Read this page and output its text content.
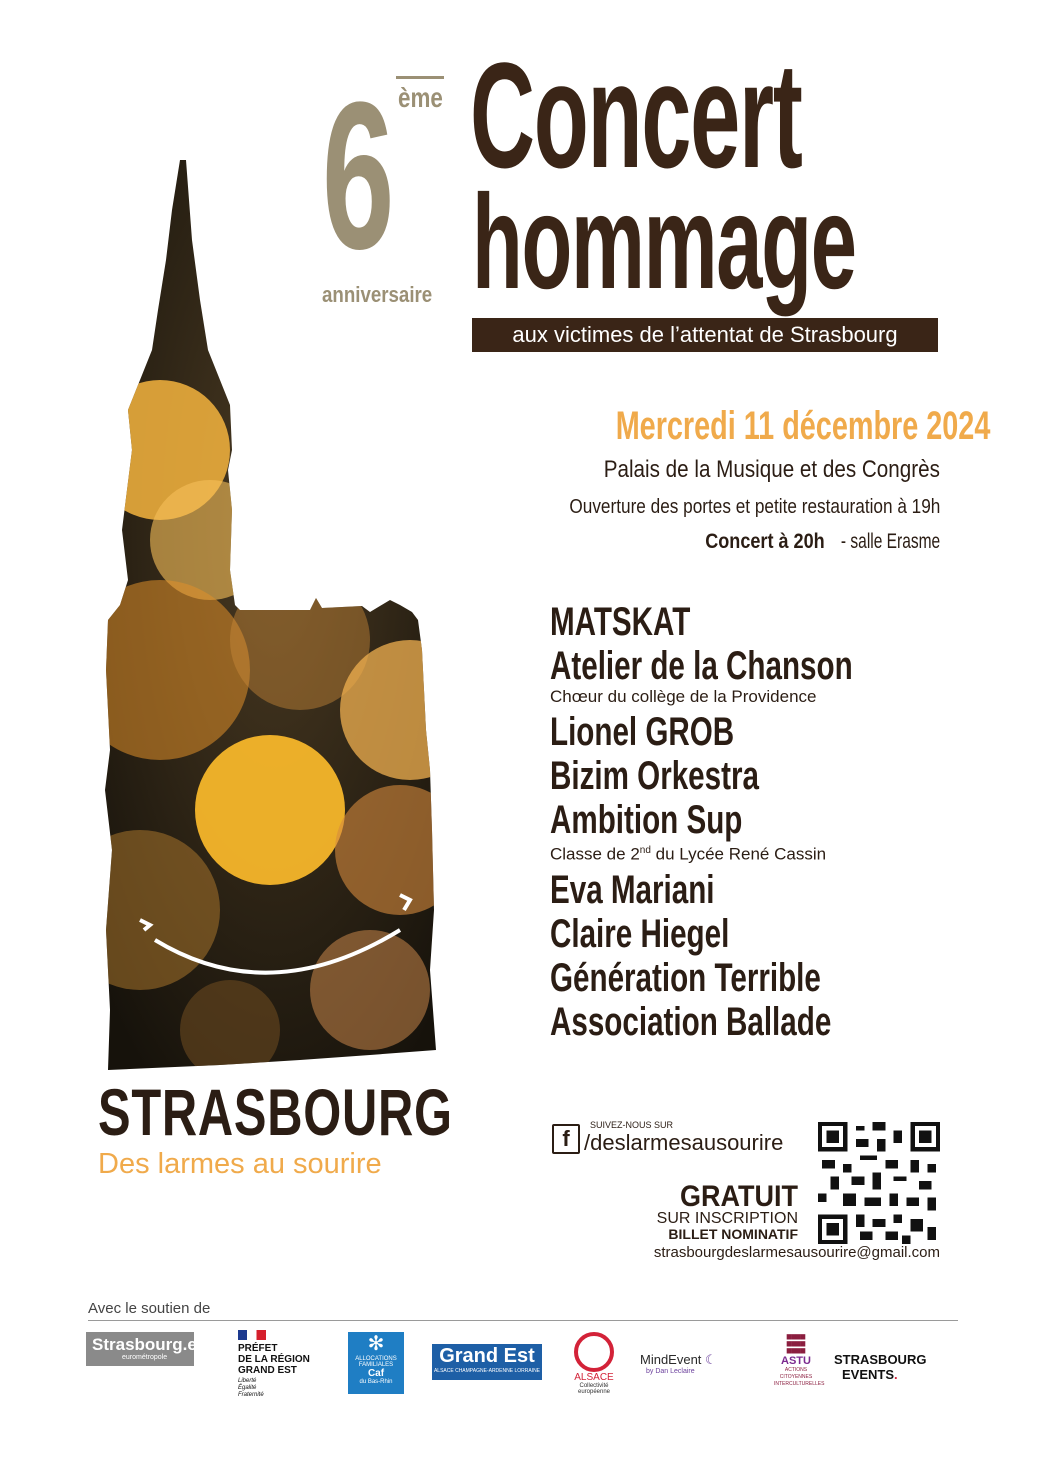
ème
6
anniversaire
Concert
hommage
aux victimes de l’attentat de Strasbourg
Mercredi 11 décembre 2024
Palais de la Musique et des Congrès
Ouverture des portes et petite restauration à 19h
Concert à 20h- salle Erasme
MATSKAT
Atelier de la Chanson
Chœur du collège de la Providence
Lionel GROB
Bizim Orkestra
Ambition Sup
Classe de 2nd du Lycée René Cassin
Eva Mariani
Claire Hiegel
Génération Terrible
Association Ballade
STRASBOURG
Des larmes au sourire
f
SUIVEZ-NOUS SUR
/deslarmesausourire
GRATUIT
SUR INSCRIPTION
BILLET NOMINATIF
strasbourgdeslarmesausourire@gmail.com
Avec le soutien de
Strasbourg.eu
eurométropole
PRÉFET
DE LA RÉGION
GRAND EST
Liberté
Égalité
Fraternité
✻
ALLOCATIONS FAMILIALES
Caf
du Bas-Rhin
Grand Est
ALSACE CHAMPAGNE-ARDENNE LORRAINE
ALSACE
Collectivité européenne
MindEvent ☾
by Dan Leclaire
▆▆▆▆
▆▆▆▆
▆▆▆▆
ASTU
ACTIONS CITOYENNES INTERCULTURELLES
STRASBOURG
EVENTS.
